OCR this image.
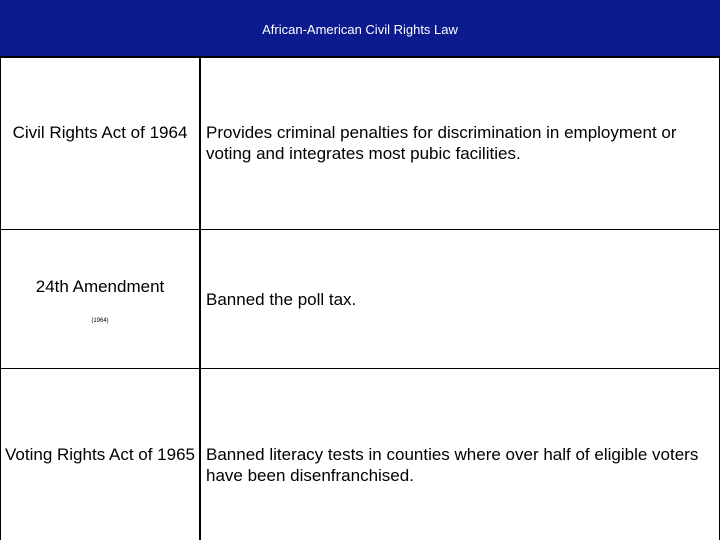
African-American Civil Rights Law
Civil Rights Act of 1964	Provides criminal penalties for discrimination in employment or voting and integrates most pubic facilities.
24th Amendment
(1964)
Banned the poll tax.
Voting Rights Act of 1965 Banned literacy tests in counties where over half of eligible voters have been disenfranchised.
